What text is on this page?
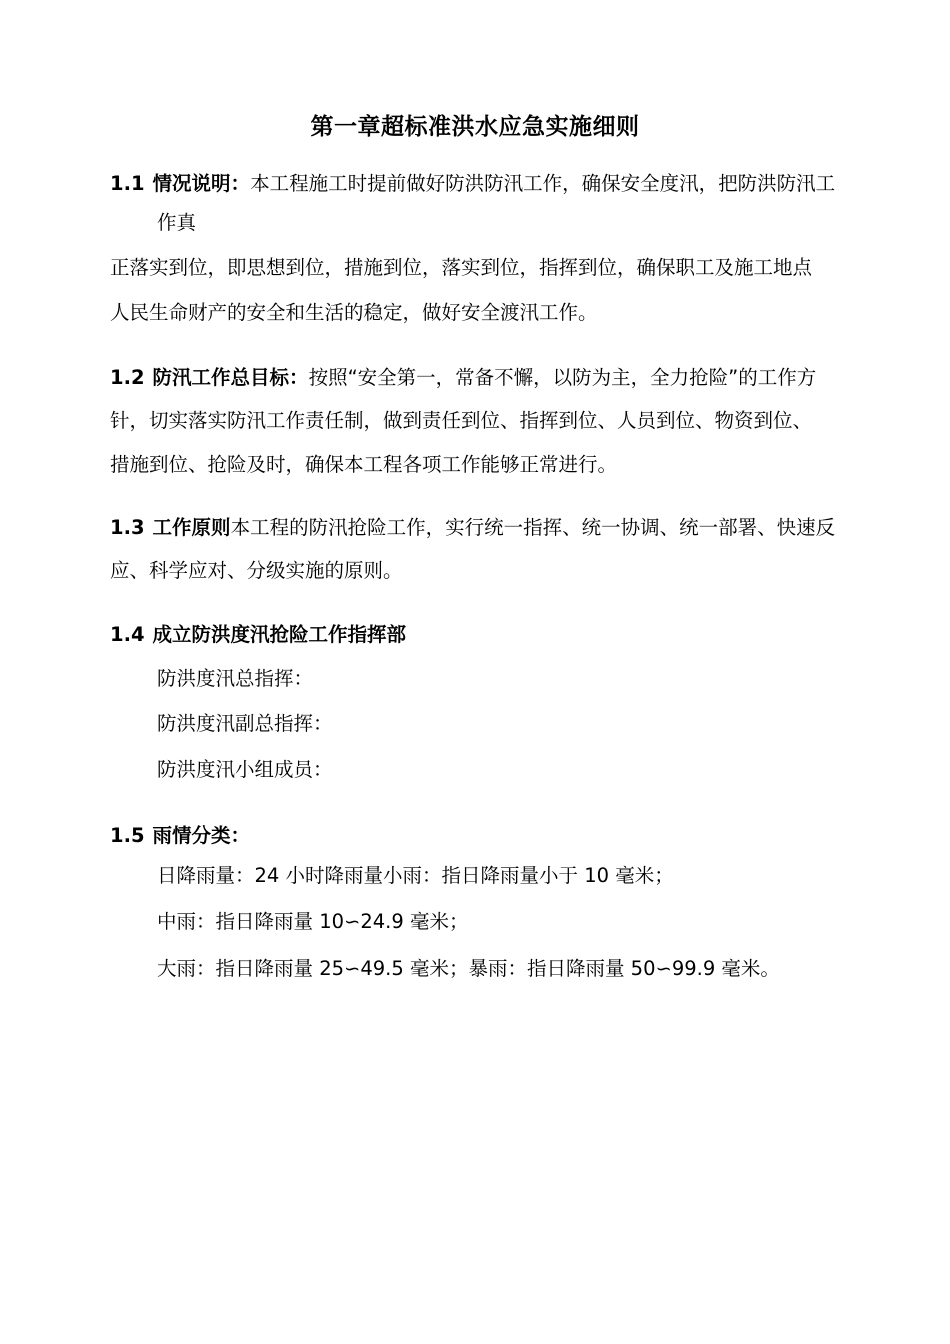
第一章超标准洪水应急实施细则
1.1 情况说明：本工程施工时提前做好防洪防汛工作，确保安全度汛，把防洪防汛工
作真
正落实到位，即思想到位，措施到位，落实到位，指挥到位，确保职工及施工地点
人民生命财产的安全和生活的稳定，做好安全渡汛工作。
1.2 防汛工作总目标：按照“安全第一，常备不懈，以防为主，全力抢险”的工作方
针，切实落实防汛工作责任制，做到责任到位、指挥到位、人员到位、物资到位、
措施到位、抢险及时，确保本工程各项工作能够正常进行。
1.3 工作原则本工程的防汛抢险工作，实行统一指挥、统一协调、统一部署、快速反
应、科学应对、分级实施的原则。
1.4 成立防洪度汛抢险工作指挥部
防洪度汛总指挥：
防洪度汛副总指挥：
防洪度汛小组成员：
1.5 雨情分类：
日降雨量：24 小时降雨量小雨：指日降雨量小于 10 毫米；
中雨：指日降雨量 10∽24.9 毫米；
大雨：指日降雨量 25∽49.5 毫米；暴雨：指日降雨量 50∽99.9 毫米。
